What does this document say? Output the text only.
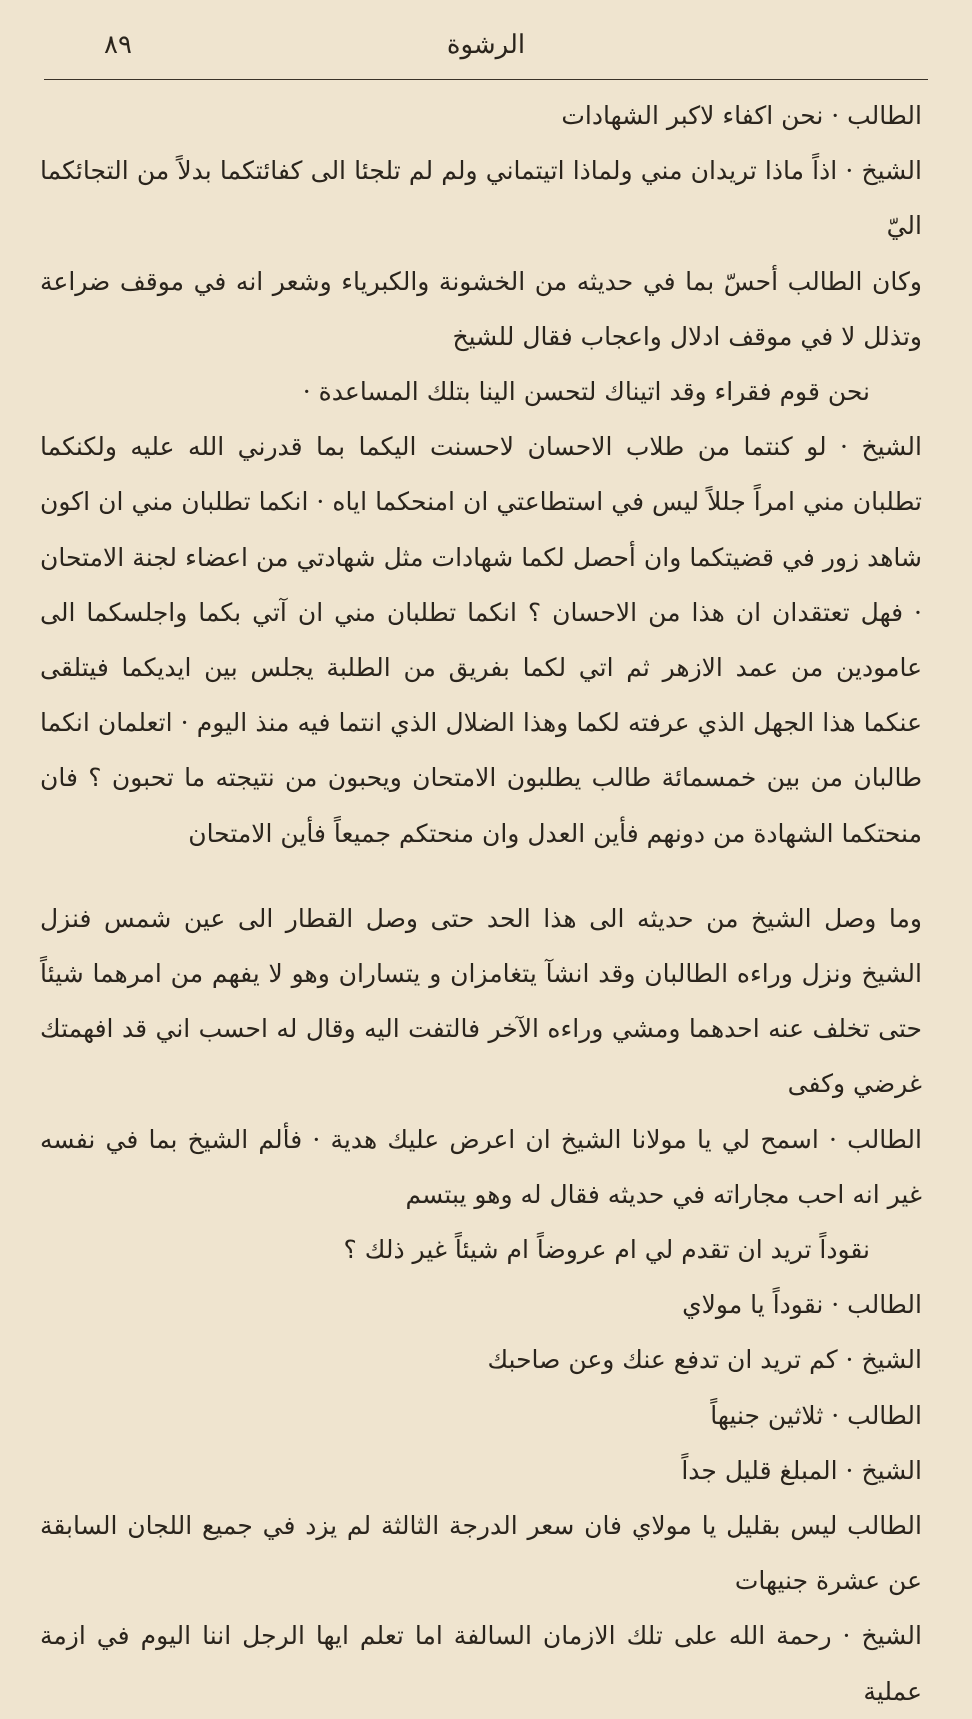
٨٩	الرشوة

الطالب · نحن اكفاء لاكبر الشهادات

الشيخ · اذاً ماذا تريدان مني ولماذا اتيتماني ولم لم تلجئا الى كفائتكما بدلاً من التجائكما اليّ

وكان الطالب أحسّ بما في حديثه من الخشونة والكبرياء وشعر انه في موقف ضراعة وتذلل لا في موقف ادلال واعجاب فقال للشيخ

نحن قوم فقراء وقد اتيناك لتحسن الينا بتلك المساعدة ·

الشيخ · لو كنتما من طلاب الاحسان لاحسنت اليكما بما قدرني الله عليه ولكنكما تطلبان مني امراً جللاً ليس في استطاعتي ان امنحكما اياه · انكما تطلبان مني ان اكون شاهد زور في قضيتكما وان أحصل لكما شهادات مثل شهادتي من اعضاء لجنة الامتحان · فهل تعتقدان ان هذا من الاحسان ؟ انكما تطلبان مني ان آتي بكما واجلسكما الى عامودين من عمد الازهر ثم اتي لكما بفريق من الطلبة يجلس بين ايديكما فيتلقى عنكما هذا الجهل الذي عرفته لكما وهذا الضلال الذي انتما فيه منذ اليوم · اتعلمان انكما طالبان من بين خمسمائة طالب يطلبون الامتحان ويحبون من نتيجته ما تحبون ؟ فان منحتكما الشهادة من دونهم فأين العدل وان منحتكم جميعاً فأين الامتحان

وما وصل الشيخ من حديثه الى هذا الحد حتى وصل القطار الى عين شمس فنزل الشيخ ونزل وراءه الطالبان وقد انشآ يتغامزان و يتساران وهو لا يفهم من امرهما شيئاً حتى تخلف عنه احدهما ومشي وراءه الآخر فالتفت اليه وقال له احسب اني قد افهمتك غرضي وكفى

الطالب · اسمح لي يا مولانا الشيخ ان اعرض عليك هدية · فألم الشيخ بما في نفسه غير انه احب مجاراته في حديثه فقال له وهو يبتسم

نقوداً تريد ان تقدم لي ام عروضاً ام شيئاً غير ذلك ؟

الطالب · نقوداً يا مولاي

الشيخ · كم تريد ان تدفع عنك وعن صاحبك

الطالب · ثلاثين جنيهاً

الشيخ · المبلغ قليل جداً

الطالب ليس بقليل يا مولاي فان سعر الدرجة الثالثة لم يزد في جميع اللجان السابقة عن عشرة جنيهات

الشيخ · رحمة الله على تلك الازمان السالفة اما تعلم ايها الرجل اننا اليوم في ازمة عملية
